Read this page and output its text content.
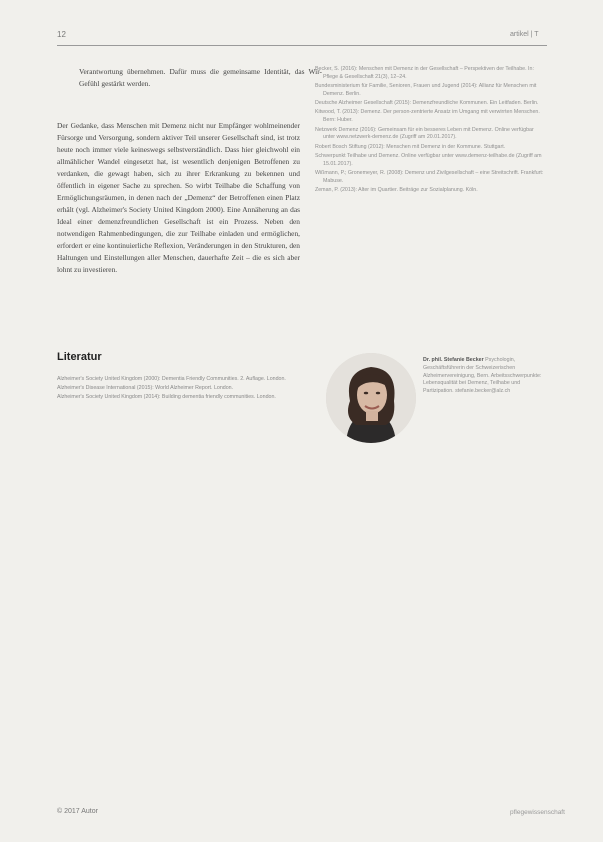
12	artikel | T

Verantwortung übernehmen. Dafür muss die gemeinsame Identität, das Wir-Gefühl gestärkt werden.

Der Gedanke, dass Menschen mit Demenz nicht nur Empfänger wohlmeinender Fürsorge und Versorgung, sondern aktiver Teil unserer Gesellschaft sind, ist trotz heute noch immer viele keineswegs selbstverständlich. Dass hier gleichwohl ein allmählicher Wandel eingesetzt hat, ist wesentlich denjenigen Betroffenen zu verdanken, die gewagt haben, sich zu ihrer Erkrankung zu bekennen und öffentlich in eigener Sache zu sprechen. So wirbt Teilhabe die Schaffung von Ermöglichungsräumen, in denen nach der „Demenz“ der Betroffenen einen Platz erhält (vgl. Alzheimer's Society United Kingdom 2000). Eine Annäherung an das Ideal einer demenzfreundlichen Gesellschaft ist ein Prozess. Neben den notwendigen Rahmenbedingungen, die zur Teilhabe einladen und ermöglichen, erfordert er eine kontinuierliche Reflexion, Veränderungen in den Strukturen, den Haltungen und Einstellungen aller Menschen, dauerhafte Zeit – die es sich aber lohnt zu investieren.

Literatur
Alzheimer's Society United Kingdom (2000): Dementia Friendly Communities. 2. Auflage. London.
Alzheimer's Disease International (2015): World Alzheimer Report. London.
Alzheimer's Society United Kingdom (2014): Building dementia friendly communities. London.
Becker, S. (2016): Menschen mit Demenz in der Gesellschaft – Perspektiven der Teilhabe. In: Pflege & Gesellschaft 21(3), 12–24.
Bundesministerium für Familie, Senioren, Frauen und Jugend (2014): Allianz für Menschen mit Demenz. Berlin.
Deutsche Alzheimer Gesellschaft (2015): Demenzfreundliche Kommunen. Ein Leitfaden. Berlin.
Kitwood, T. (2013): Demenz. Der person-zentrierte Ansatz im Umgang mit verwirrten Menschen. Bern: Huber.
Netzwerk Demenz (2016): Gemeinsam für ein besseres Leben mit Demenz. Online verfügbar unter www.netzwerk-demenz.de (Zugriff am 20.01.2017).
Robert Bosch Stiftung (2012): Menschen mit Demenz in der Kommune. Stuttgart.
Schwerpunkt Teilhabe und Demenz. Online verfügbar unter www.demenz-teilhabe.de (Zugriff am 15.01.2017).
Wißmann, P.; Gronemeyer, R. (2008): Demenz und Zivilgesellschaft – eine Streitschrift. Frankfurt: Mabuse.
Zeman, P. (2013): Alter im Quartier. Beiträge zur Sozialplanung. Köln.
Dr. phil. Stefanie Becker Psychologin, Geschäftsführerin der Schweizerischen Alzheimervereinigung, Bern. Arbeitsschwerpunkte: Lebensqualität bei Demenz, Teilhabe und Partizipation. stefanie.becker@alz.ch
© 2017 Autor	pflegewissenschaft
